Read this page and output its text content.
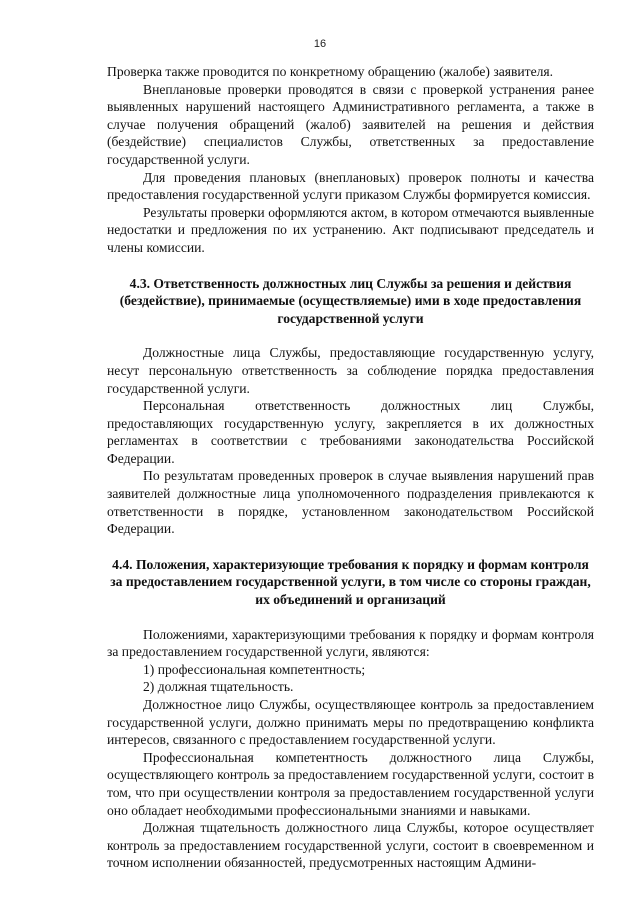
16

Проверка также проводится по конкретному обращению (жалобе) заявителя.

Внеплановые проверки проводятся в связи с проверкой устранения ранее выявленных нарушений настоящего Административного регламента, а также в случае получения обращений (жалоб) заявителей на решения и действия (бездействие) специалистов Службы, ответственных за предоставление государственной услуги.

Для проведения плановых (внеплановых) проверок полноты и качества предоставления государственной услуги приказом Службы формируется комиссия.

Результаты проверки оформляются актом, в котором отмечаются выявленные недостатки и предложения по их устранению. Акт подписывают председатель и члены комиссии.

4.3. Ответственность должностных лиц Службы за решения и действия (бездействие), принимаемые (осуществляемые) ими в ходе предоставления государственной услуги

Должностные лица Службы, предоставляющие государственную услугу, несут персональную ответственность за соблюдение порядка предоставления государственной услуги.

Персональная ответственность должностных лиц Службы, предоставляющих государственную услугу, закрепляется в их должностных регламентах в соответствии с требованиями законодательства Российской Федерации.

По результатам проведенных проверок в случае выявления нарушений прав заявителей должностные лица уполномоченного подразделения привлекаются к ответственности в порядке, установленном законодательством Российской Федерации.

4.4. Положения, характеризующие требования к порядку и формам контроля за предоставлением государственной услуги, в том числе со стороны граждан, их объединений и организаций

Положениями, характеризующими требования к порядку и формам контроля за предоставлением государственной услуги, являются:

1) профессиональная компетентность;

2) должная тщательность.

Должностное лицо Службы, осуществляющее контроль за предоставлением государственной услуги, должно принимать меры по предотвращению конфликта интересов, связанного с предоставлением государственной услуги.

Профессиональная компетентность должностного лица Службы, осуществляющего контроль за предоставлением государственной услуги, состоит в том, что при осуществлении контроля за предоставлением государственной услуги оно обладает необходимыми профессиональными знаниями и навыками.

Должная тщательность должностного лица Службы, которое осуществляет контроль за предоставлением государственной услуги, состоит в своевременном и точном исполнении обязанностей, предусмотренных настоящим Админи-
